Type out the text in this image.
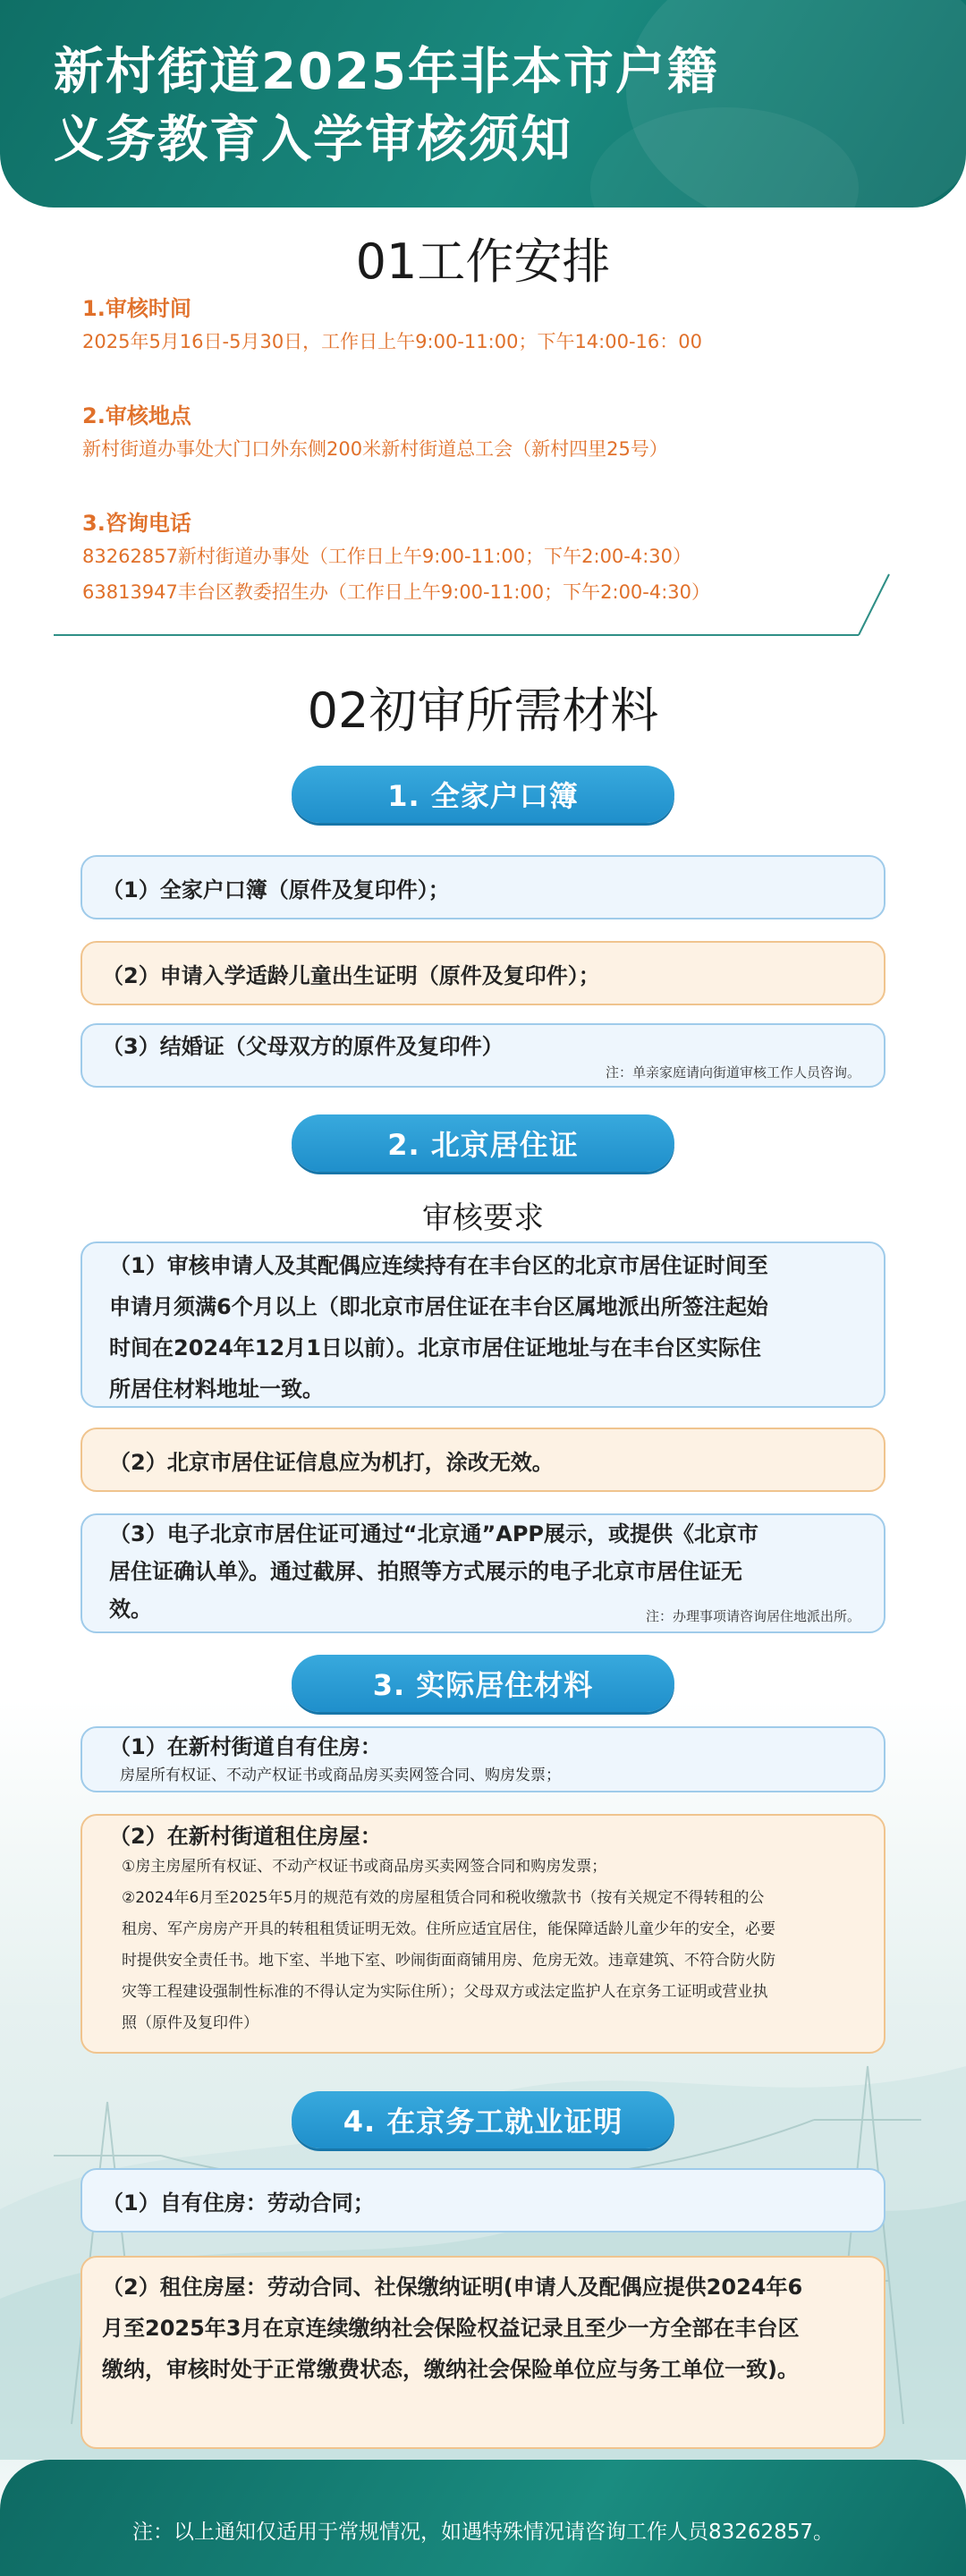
新村街道2025年非本市户籍
义务教育入学审核须知
01工作安排
1.审核时间
2025年5月16日-5月30日，工作日上午9:00-11:00；下午14:00-16：00
2.审核地点
新村街道办事处大门口外东侧200米新村街道总工会（新村四里25号）
3.咨询电话
83262857新村街道办事处（工作日上午9:00-11:00；下午2:00-4:30）
63813947丰台区教委招生办（工作日上午9:00-11:00；下午2:00-4:30）
02初审所需材料
1. 全家户口簿
（1）全家户口簿（原件及复印件）；
（2）申请入学适龄儿童出生证明（原件及复印件）；
（3）结婚证（父母双方的原件及复印件）
注：单亲家庭请向街道审核工作人员咨询。
2. 北京居住证
审核要求
（1）审核申请人及其配偶应连续持有在丰台区的北京市居住证时间至
申请月须满6个月以上（即北京市居住证在丰台区属地派出所签注起始
时间在2024年12月1日以前）。北京市居住证地址与在丰台区实际住
所居住材料地址一致。
（2）北京市居住证信息应为机打，涂改无效。
（3）电子北京市居住证可通过“北京通”APP展示，或提供《北京市
居住证确认单》。通过截屏、拍照等方式展示的电子北京市居住证无
效。	注：办理事项请咨询居住地派出所。
3. 实际居住材料
（1）在新村街道自有住房：
房屋所有权证、不动产权证书或商品房买卖网签合同、购房发票；
（2）在新村街道租住房屋：
①房主房屋所有权证、不动产权证书或商品房买卖网签合同和购房发票；
②2024年6月至2025年5月的规范有效的房屋租赁合同和税收缴款书（按有关规定不得转租的公
租房、军产房房产开具的转租租赁证明无效。住所应适宜居住，能保障适龄儿童少年的安全，必要
时提供安全责任书。地下室、半地下室、吵闹街面商铺用房、危房无效。违章建筑、不符合防火防
灾等工程建设强制性标准的不得认定为实际住所）；父母双方或法定监护人在京务工证明或营业执
照（原件及复印件）
4. 在京务工就业证明
（1）自有住房：劳动合同；
（2）租住房屋：劳动合同、社保缴纳证明(申请人及配偶应提供2024年6
月至2025年3月在京连续缴纳社会保险权益记录且至少一方全部在丰台区
缴纳，审核时处于正常缴费状态，缴纳社会保险单位应与务工单位一致)。
注：以上通知仅适用于常规情况，如遇特殊情况请咨询工作人员83262857。
